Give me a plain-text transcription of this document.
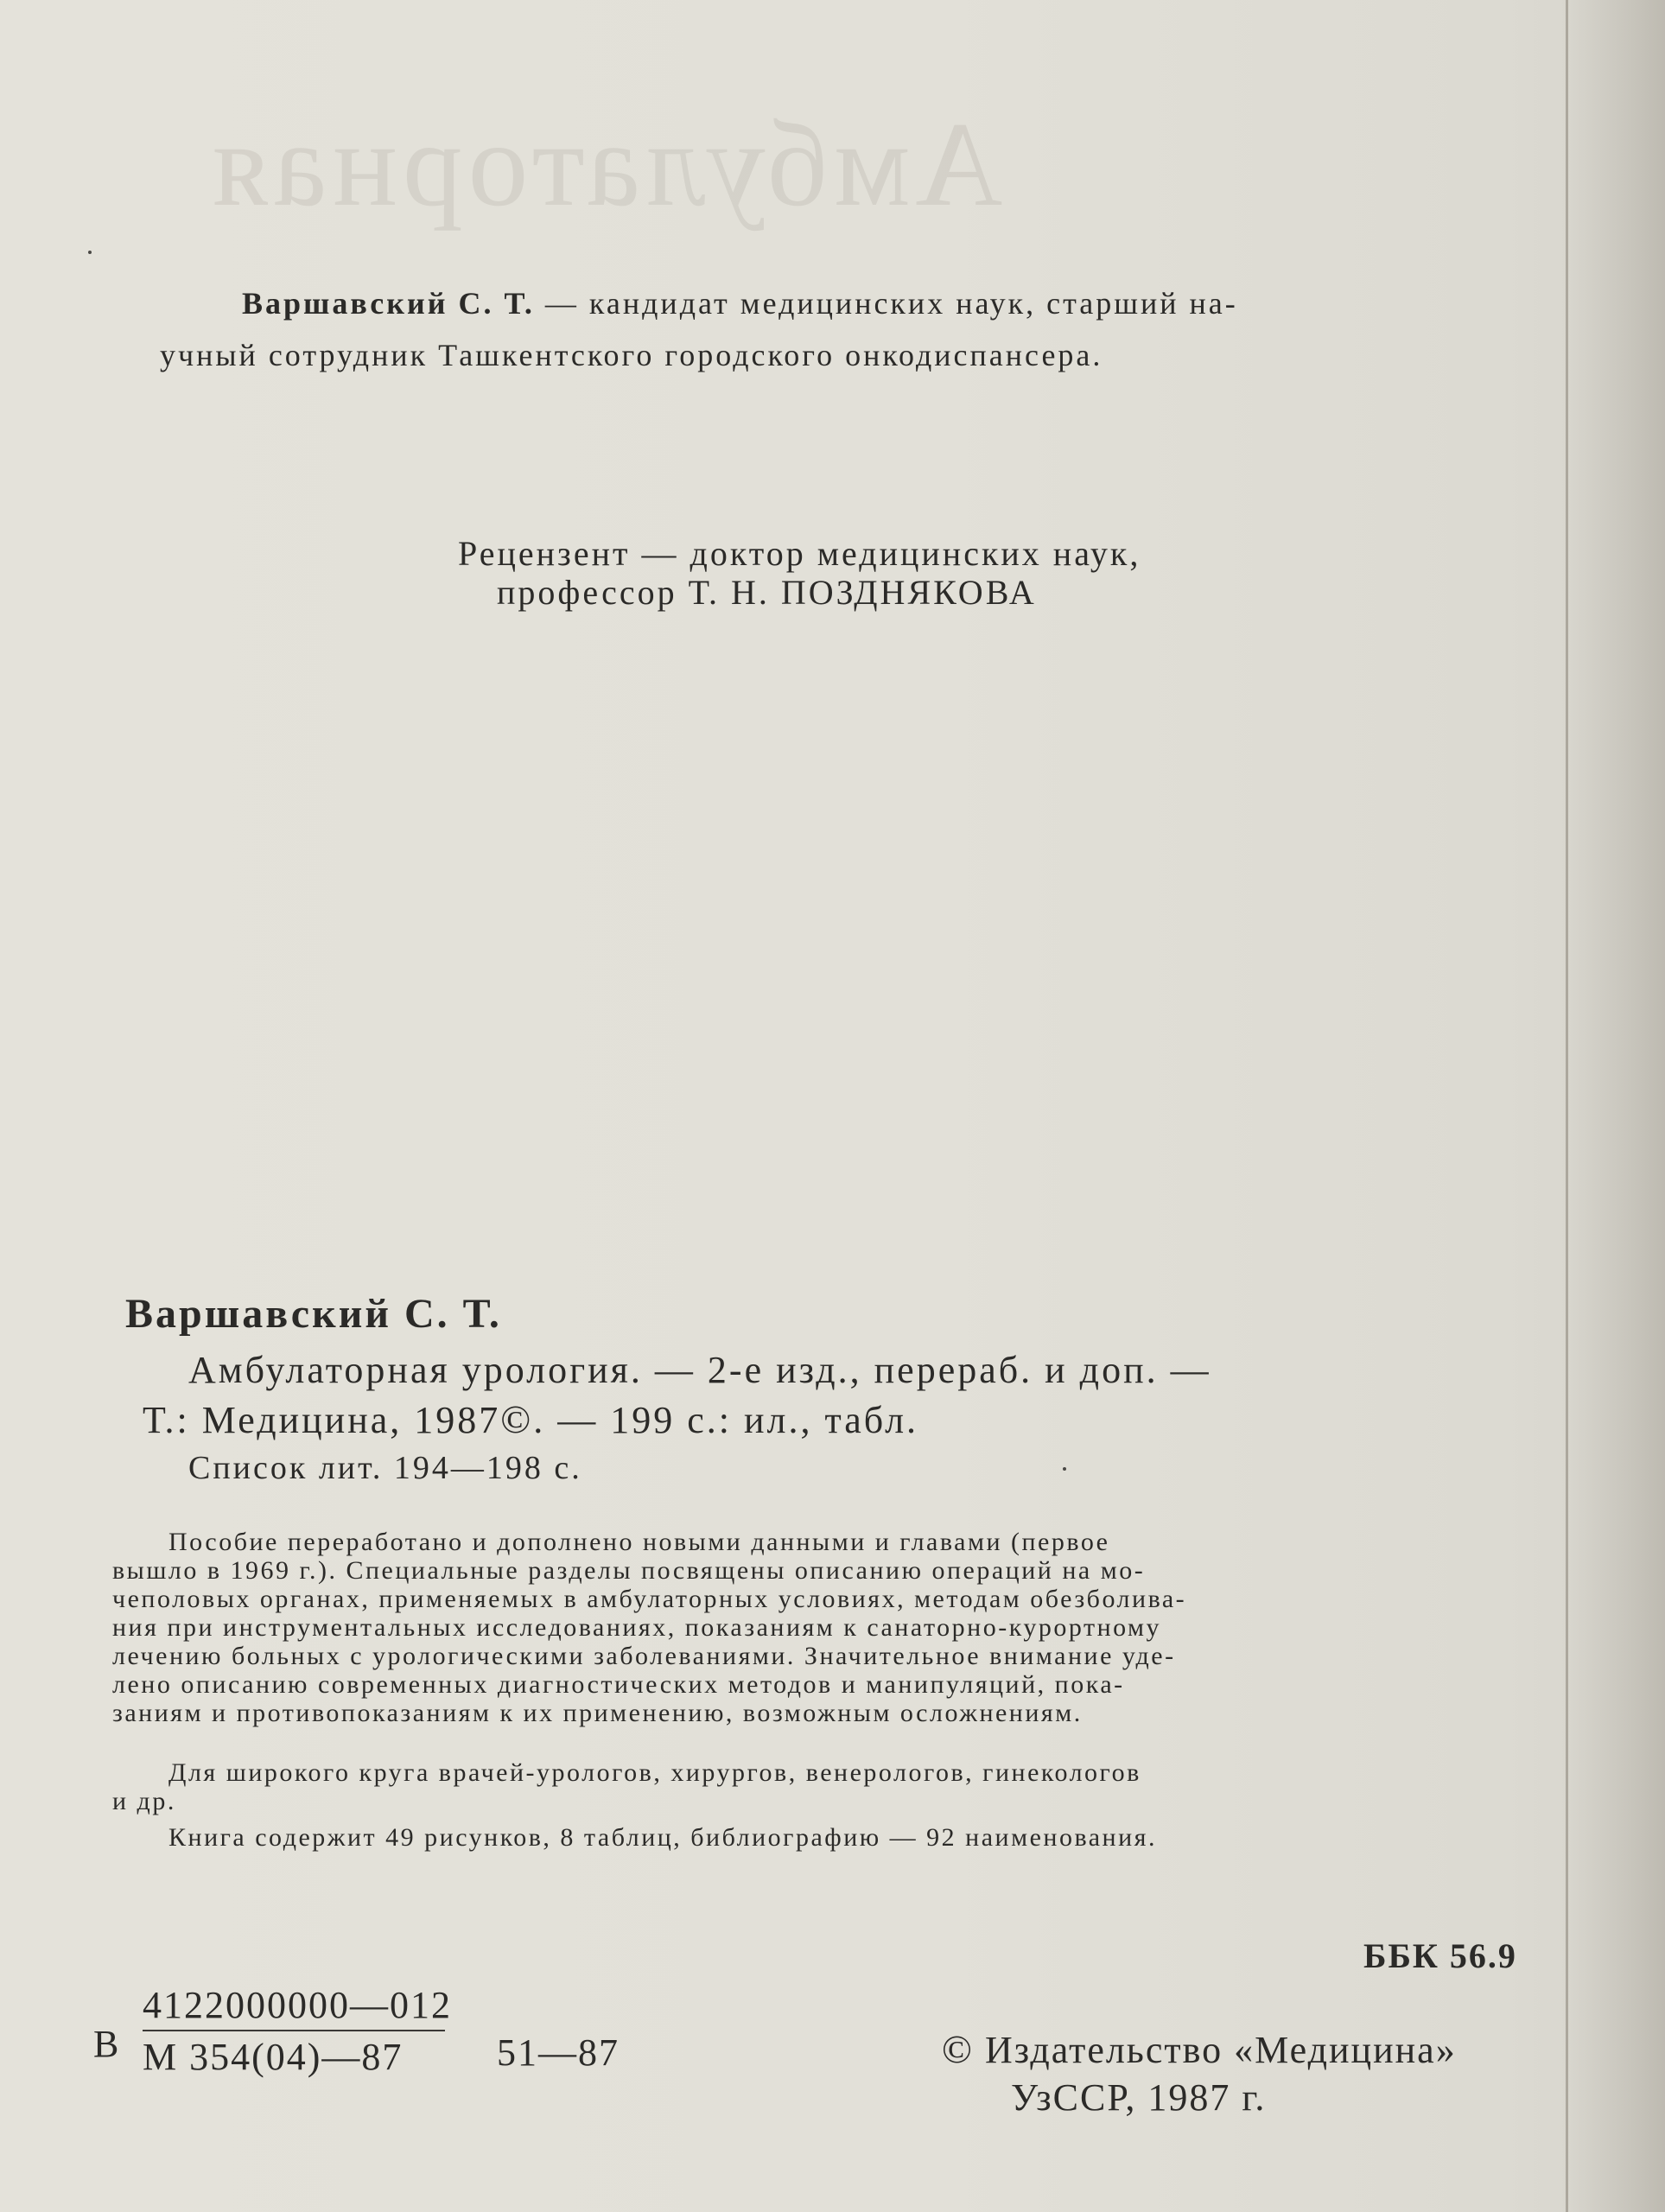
Амбулаторная
Варшавский С. Т. — кандидат медицинских наук, старший на-
учный сотрудник Ташкентского городского онкодиспансера.
Рецензент — доктор медицинских наук,
профессор Т. Н. ПОЗДНЯКОВА
Варшавский С. Т.
Амбулаторная урология. — 2-е изд., перераб. и доп. —
Т.: Медицина, 1987©. — 199 с.: ил., табл.
Список лит. 194—198 с.
Пособие переработано и дополнено новыми данными и главами (первое
вышло в 1969 г.). Специальные разделы посвящены описанию операций на мо-
чеполовых органах, применяемых в амбулаторных условиях, методам обезболива-
ния при инструментальных исследованиях, показаниям к санаторно-курортному
лечению больных с урологическими заболеваниями. Значительное внимание уде-
лено описанию современных диагностических методов и манипуляций, пока-
заниям и противопоказаниям к их применению, возможным осложнениям.
Для широкого круга врачей-урологов, хирургов, венерологов, гинекологов
и др.
Книга содержит 49 рисунков, 8 таблиц, библиографию — 92 наименования.
ББК 56.9
В
4122000000—012
М 354(04)—87 51—87	© Издательство «Медицина»
УзССР, 1987 г.
